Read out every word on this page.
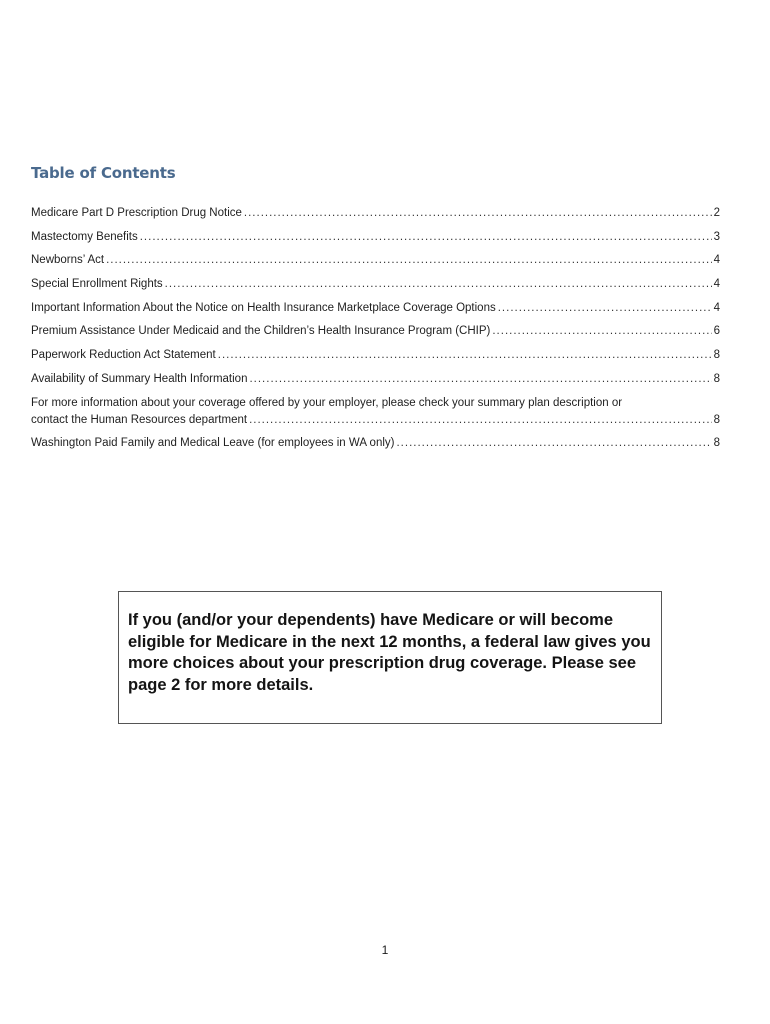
Table of Contents
Medicare Part D Prescription Drug Notice .....	2
Mastectomy Benefits .....	3
Newborns’ Act .....	4
Special Enrollment Rights .....	4
Important Information About the Notice on Health Insurance Marketplace Coverage Options .....	4
Premium Assistance Under Medicaid and the Children’s Health Insurance Program (CHIP) .....	6
Paperwork Reduction Act Statement .....	8
Availability of Summary Health Information .....	8
For more information about your coverage offered by your employer, please check your summary plan description or
contact the Human Resources department .....	8
Washington Paid Family and Medical Leave (for employees in WA only) .....	8

If you (and/or your dependents) have Medicare or will become eligible for Medicare in the next 12 months, a federal law gives you more choices about your prescription drug coverage. Please see page 2 for more details.

1
